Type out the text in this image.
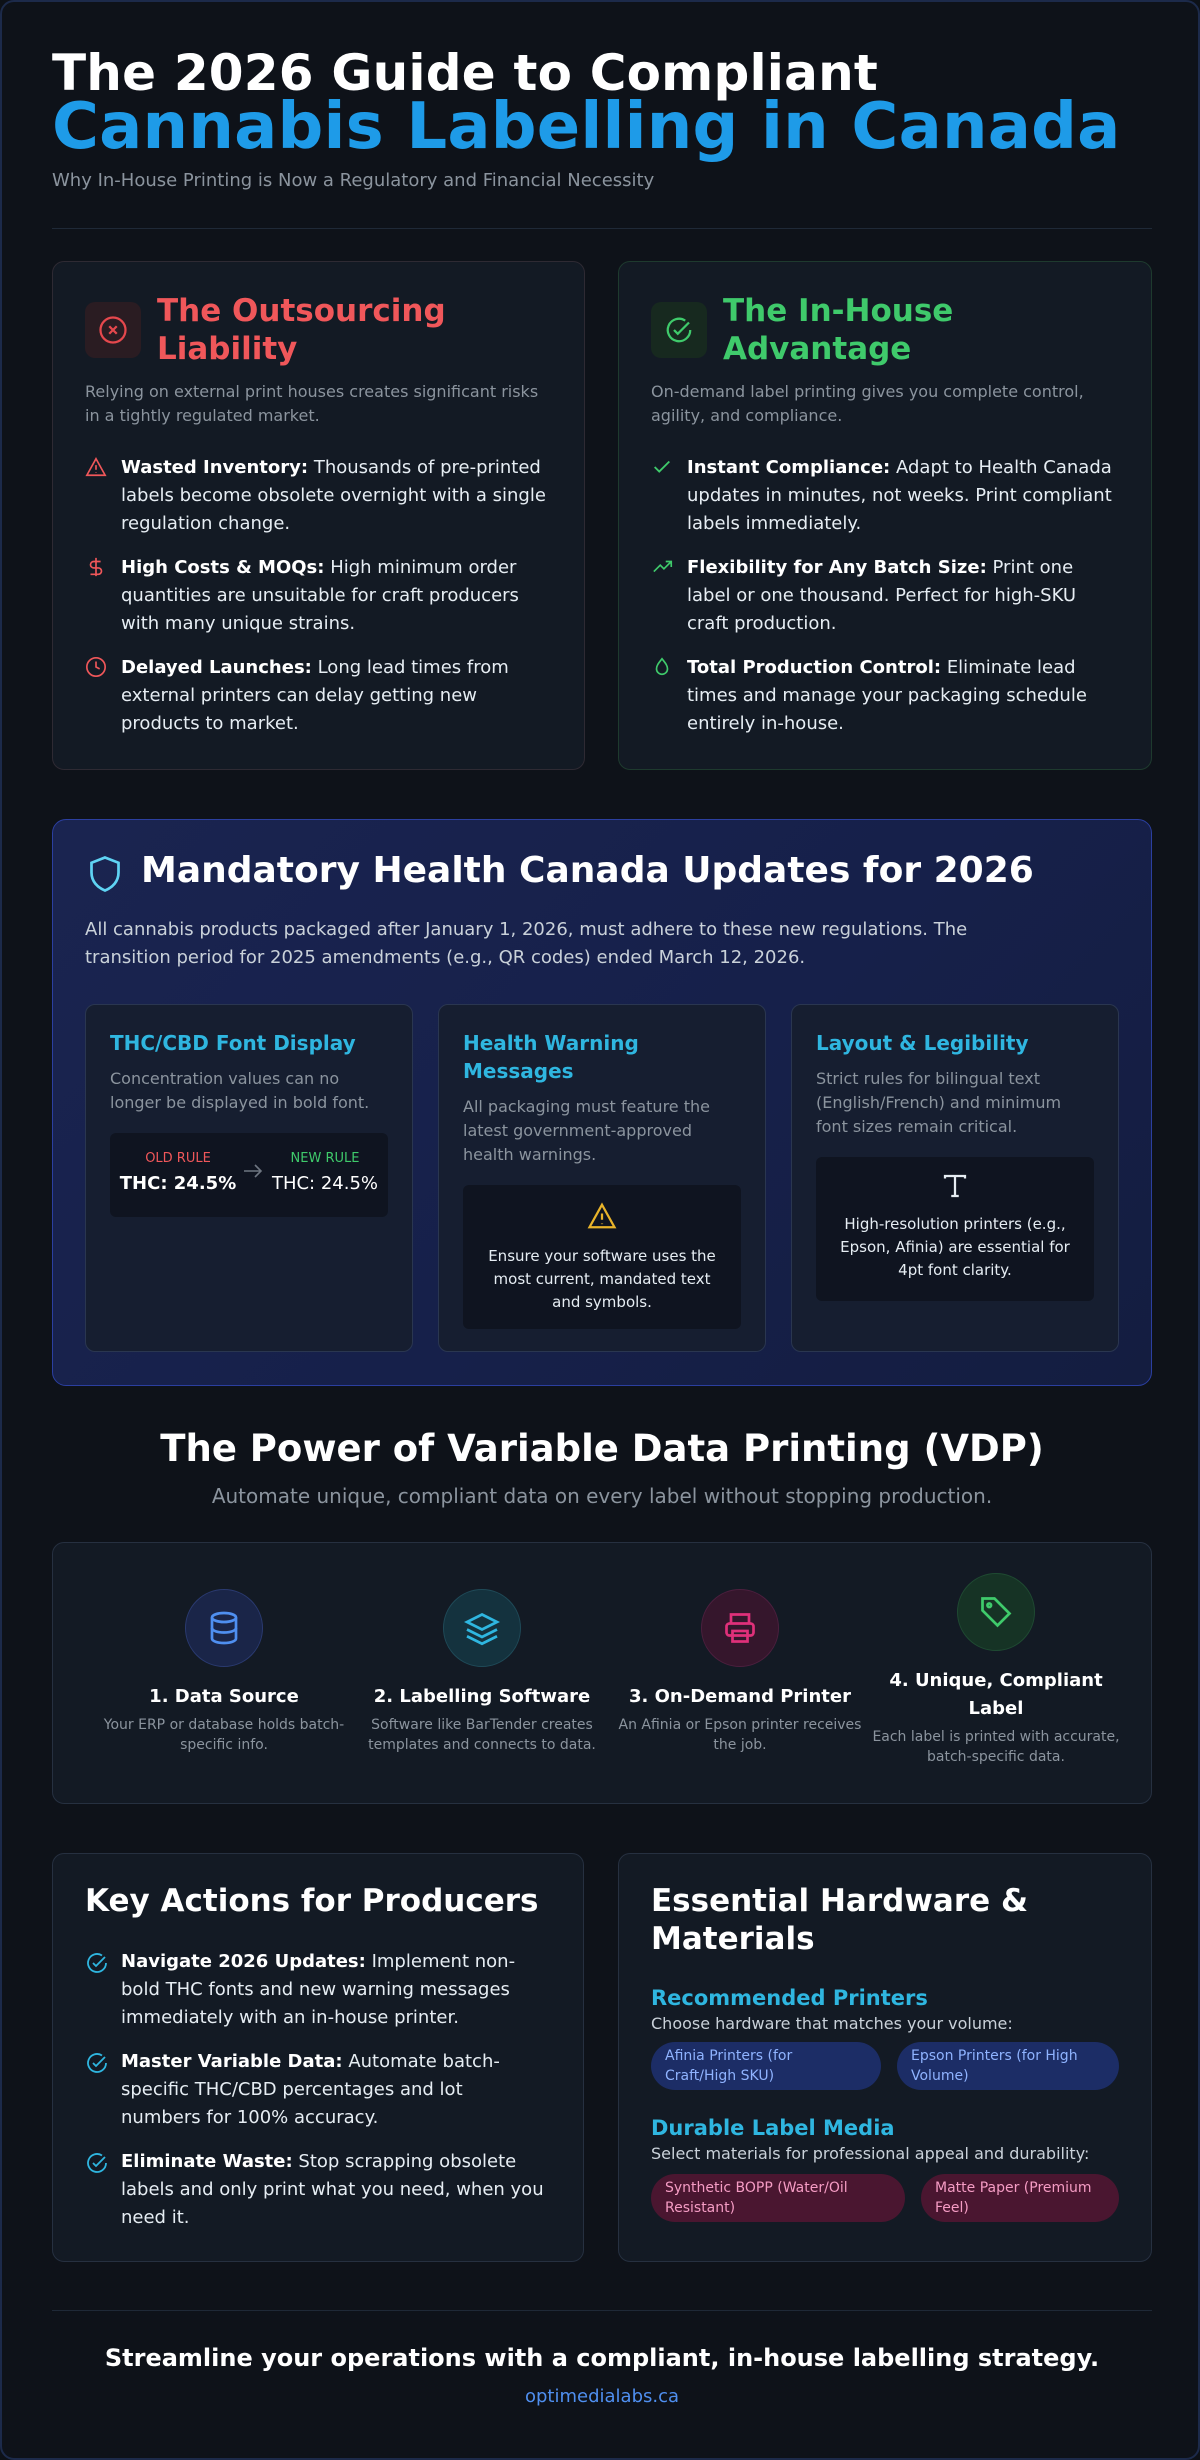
The 2026 Guide to Compliant
Cannabis Labelling in Canada
Why In-House Printing is Now a Regulatory and Financial Necessity
The Outsourcing Liability
Relying on external print houses creates significant risks in a tightly regulated market.
Wasted Inventory: Thousands of pre-printed labels become obsolete overnight with a single regulation change.
High Costs & MOQs: High minimum order quantities are unsuitable for craft producers with many unique strains.
Delayed Launches: Long lead times from external printers can delay getting new products to market.
The In-House Advantage
On-demand label printing gives you complete control, agility, and compliance.
Instant Compliance: Adapt to Health Canada updates in minutes, not weeks. Print compliant labels immediately.
Flexibility for Any Batch Size: Print one label or one thousand. Perfect for high-SKU craft production.
Total Production Control: Eliminate lead times and manage your packaging schedule entirely in-house.
Mandatory Health Canada Updates for 2026
All cannabis products packaged after January 1, 2026, must adhere to these new regulations. The transition period for 2025 amendments (e.g., QR codes) ended March 12, 2026.
THC/CBD Font Display
Concentration values can no longer be displayed in bold font.
OLD RULE
THC: 24.5%
NEW RULE
THC: 24.5%
Health Warning Messages
All packaging must feature the latest government-approved health warnings.
Ensure your software uses the most current, mandated text and symbols.
Layout & Legibility
Strict rules for bilingual text (English/French) and minimum font sizes remain critical.
High-resolution printers (e.g., Epson, Afinia) are essential for 4pt font clarity.
The Power of Variable Data Printing (VDP)
Automate unique, compliant data on every label without stopping production.
1. Data Source
Your ERP or database holds batch-specific info.
2. Labelling Software
Software like BarTender creates templates and connects to data.
3. On-Demand Printer
An Afinia or Epson printer receives the job.
4. Unique, Compliant Label
Each label is printed with accurate, batch-specific data.
Key Actions for Producers
Navigate 2026 Updates: Implement non-bold THC fonts and new warning messages immediately with an in-house printer.
Master Variable Data: Automate batch-specific THC/CBD percentages and lot numbers for 100% accuracy.
Eliminate Waste: Stop scrapping obsolete labels and only print what you need, when you need it.
Essential Hardware & Materials
Recommended Printers
Choose hardware that matches your volume:
Afinia Printers (for Craft/High SKU)
Epson Printers (for High Volume)
Durable Label Media
Select materials for professional appeal and durability:
Synthetic BOPP (Water/Oil Resistant)
Matte Paper (Premium Feel)
Streamline your operations with a compliant, in-house labelling strategy.
optimedialabs.ca
